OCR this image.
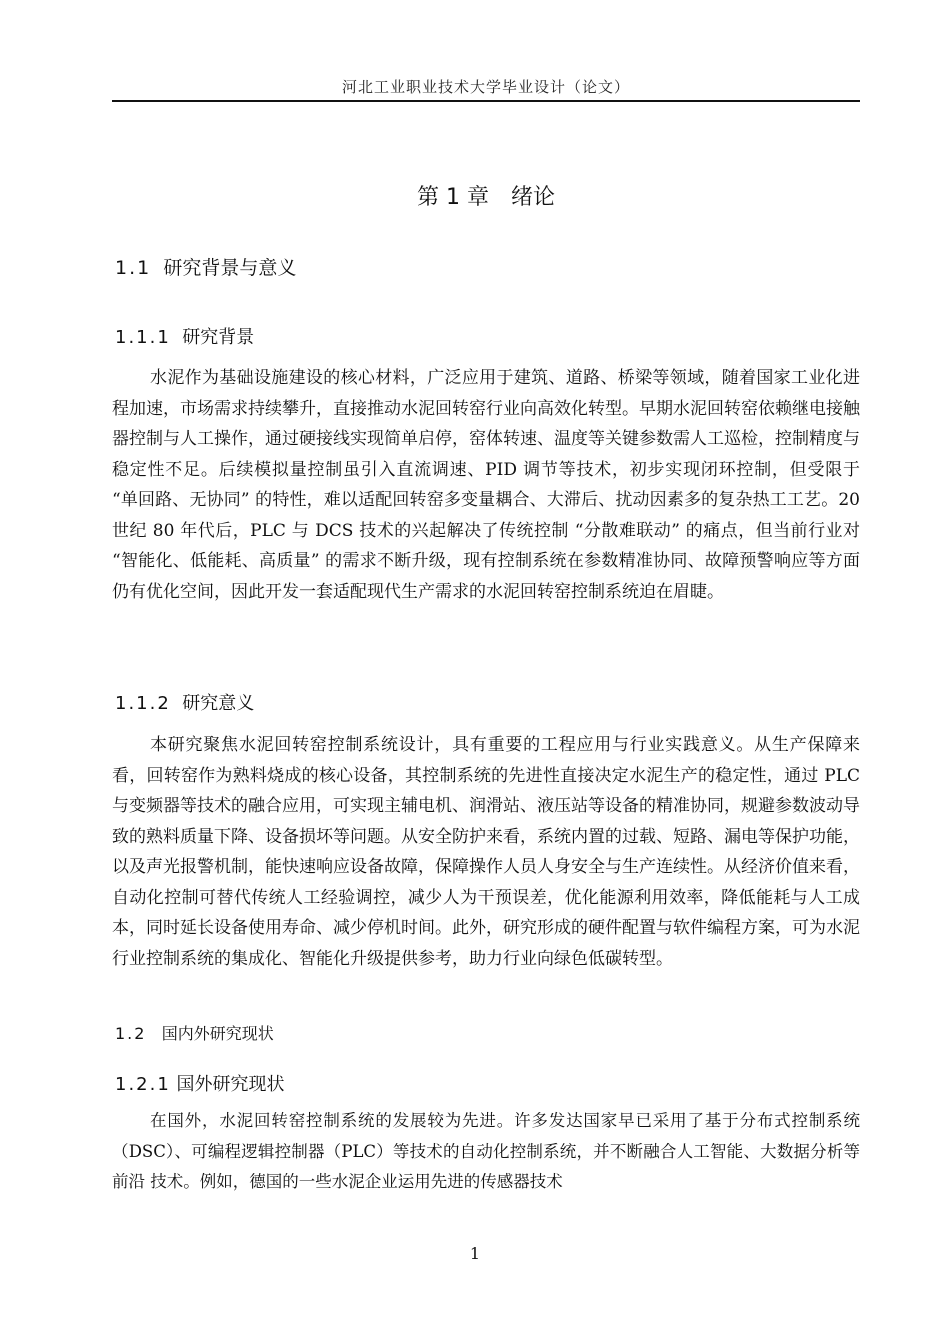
河北工业职业技术大学毕业设计（论文）
第 1 章 绪论
1.1 研究背景与意义
1.1.1 研究背景

水泥作为基础设施建设的核心材料，广泛应用于建筑、道路、桥梁等领域，随着国家工业化进程加速，市场需求持续攀升，直接推动水泥回转窑行业向高效化转型。早期水泥回转窑依赖继电接触器控制与人工操作，通过硬接线实现简单启停，窑体转速、温度等关键参数需人工巡检，控制精度与稳定性不足。后续模拟量控制虽引入直流调速、PID 调节等技术，初步实现闭环控制，但受限于 “单回路、无协同” 的特性，难以适配回转窑多变量耦合、大滞后、扰动因素多的复杂热工工艺。20 世纪 80 年代后，PLC 与 DCS 技术的兴起解决了传统控制 “分散难联动” 的痛点，但当前行业对 “智能化、低能耗、高质量” 的需求不断升级，现有控制系统在参数精准协同、故障预警响应等方面仍有优化空间，因此开发一套适配现代生产需求的水泥回转窑控制系统迫在眉睫。

1.1.2 研究意义

本研究聚焦水泥回转窑控制系统设计，具有重要的工程应用与行业实践意义。从生产保障来看，回转窑作为熟料烧成的核心设备，其控制系统的先进性直接决定水泥生产的稳定性，通过 PLC 与变频器等技术的融合应用，可实现主辅电机、润滑站、液压站等设备的精准协同，规避参数波动导致的熟料质量下降、设备损坏等问题。从安全防护来看，系统内置的过载、短路、漏电等保护功能，以及声光报警机制，能快速响应设备故障，保障操作人员人身安全与生产连续性。从经济价值来看，自动化控制可替代传统人工经验调控，减少人为干预误差，优化能源利用效率，降低能耗与人工成本，同时延长设备使用寿命、减少停机时间。此外，研究形成的硬件配置与软件编程方案，可为水泥行业控制系统的集成化、智能化升级提供参考，助力行业向绿色低碳转型。

1.2 国内外研究现状
1.2.1 国外研究现状

在国外，水泥回转窑控制系统的发展较为先进。许多发达国家早已采用了基于分布式控制系统（DSC）、可编程逻辑控制器（PLC）等技术的自动化控制系统，并不断融合人工智能、大数据分析等前沿 技术。例如，德国的一些水泥企业运用先进的传感器技术

1
